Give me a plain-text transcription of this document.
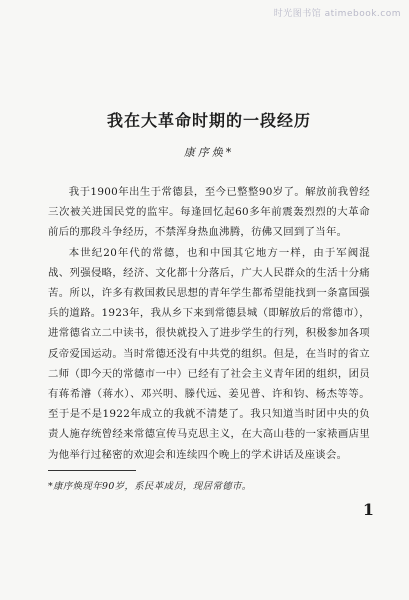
时光图书馆 atimebook.com
我在大革命时期的一段经历
康序焕*

我于1900年出生于常德县，至今已整整90岁了。解放前我曾经三次被关进国民党的监牢。每逢回忆起60多年前震轰烈烈的大革命前后的那段斗争经历，不禁浑身热血沸腾，彷佛又回到了当年。

本世纪20年代的常德，也和中国其它地方一样，由于军阀混战、列强侵略，经济、文化都十分落后，广大人民群众的生活十分痛苦。所以，许多有救国救民思想的青年学生都希望能找到一条富国强兵的道路。1923年，我从乡下来到常德县城（即解放后的常德市），进常德省立二中读书，很快就投入了进步学生的行列，积极参加各项反帝爱国运动。当时常德还没有中共党的组织。但是，在当时的省立二师（即今天的常德市一中）已经有了社会主义青年团的组织，团员有蒋希濬（蒋水）、邓兴明、滕代远、姜见普、许和钧、杨杰等等。至于是不是1922年成立的我就不清楚了。我只知道当时团中央的负责人施存统曾经来常德宣传马克思主义，在大高山巷的一家裱画店里为他举行过秘密的欢迎会和连续四个晚上的学术讲话及座谈会。

*康序焕现年90岁，系民革成员，现居常德市。
1
